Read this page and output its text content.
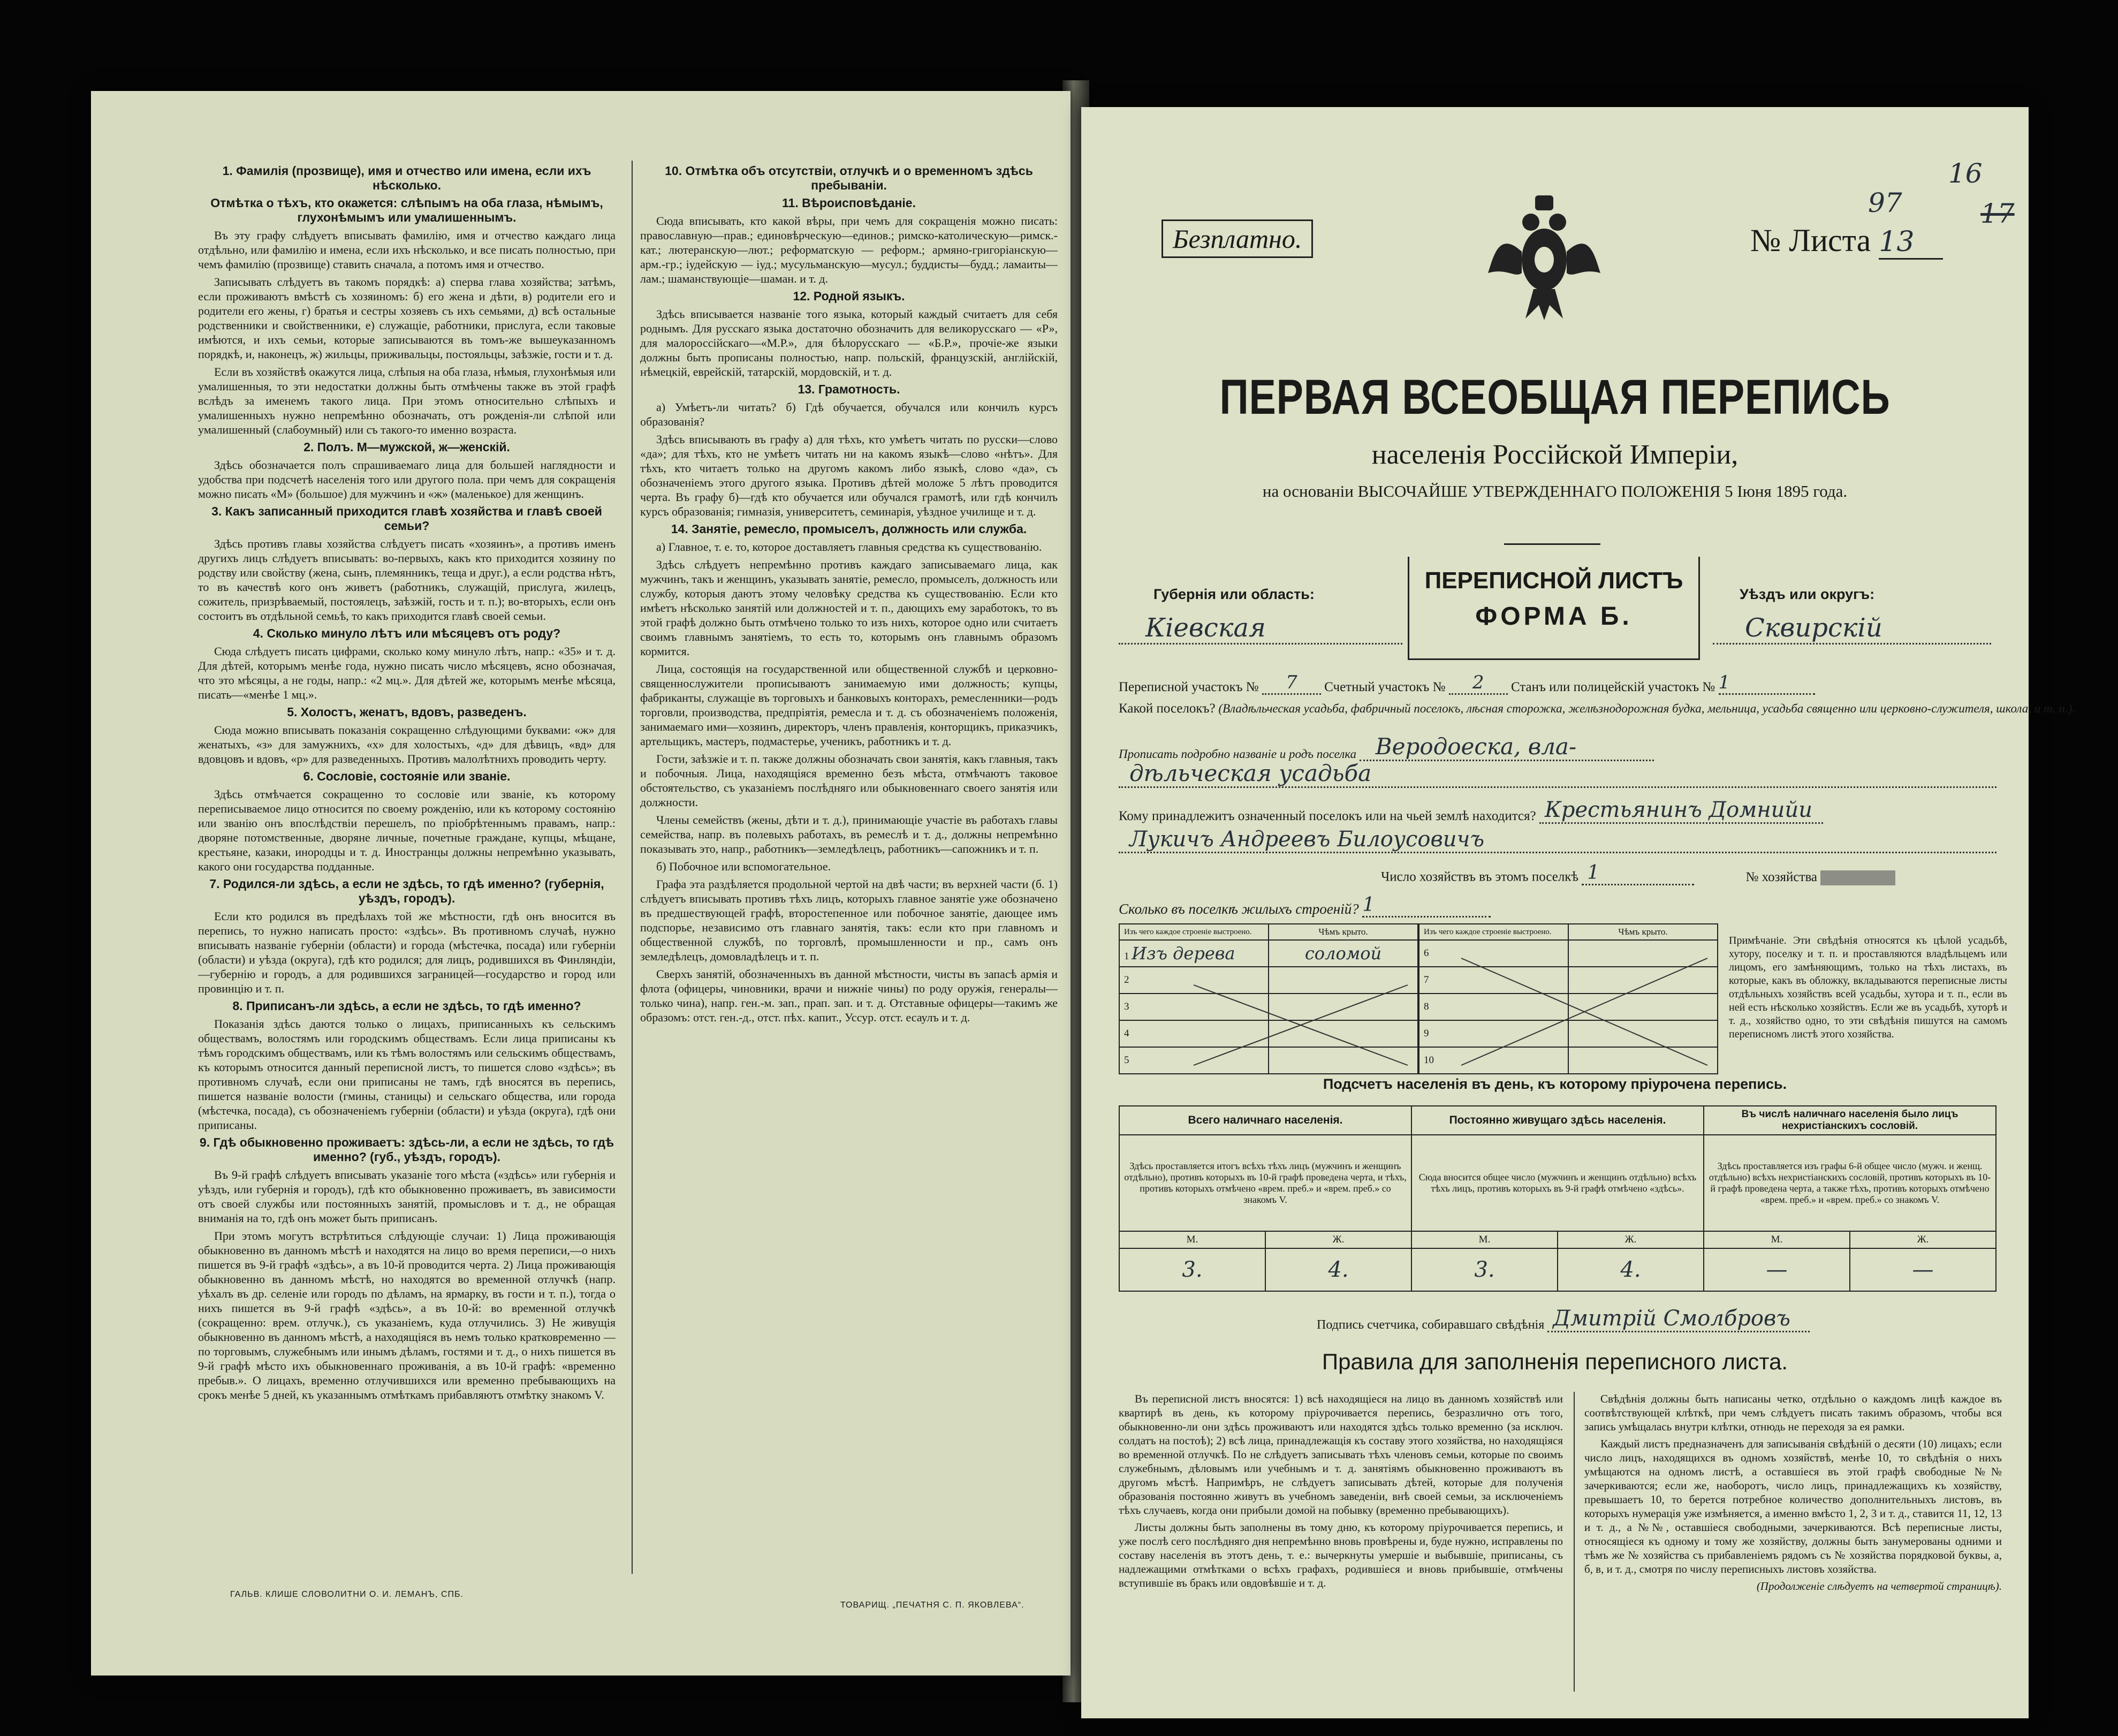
1. Фамилія (прозвище), имя и отчество или имена, если ихъ нѣсколько.
Отмѣтка о тѣхъ, кто окажется: слѣпымъ на оба глаза, нѣмымъ, глухонѣмымъ или умалишеннымъ.

Въ эту графу слѣдуетъ вписывать фамилію, имя и отчество каждаго лица отдѣльно, или фамилію и имена, если ихъ нѣсколько, и все писать полностью, при чемъ фамилію (прозвище) ставить сначала, а потомъ имя и отчество.

Записывать слѣдуетъ въ такомъ порядкѣ: а) сперва глава хозяйства; затѣмъ, если проживаютъ вмѣстѣ съ хозяиномъ: б) его жена и дѣти, в) родители его и родители его жены, г) братья и сестры хозяевъ съ ихъ семьями, д) всѣ остальные родственники и свойственники, е) служащіе, работники, прислуга, если таковые имѣются, и ихъ семьи, которые записываются въ томъ-же вышеуказанномъ порядкѣ, и, наконецъ, ж) жильцы, приживальцы, постояльцы, заѣзжіе, гости и т. д.

Если въ хозяйствѣ окажутся лица, слѣпыя на оба глаза, нѣмыя, глухонѣмыя или умалишенныя, то эти недостатки должны быть отмѣчены также въ этой графѣ вслѣдъ за именемъ такого лица. При этомъ относительно слѣпыхъ и умалишенныхъ нужно непремѣнно обозначать, отъ рожденія-ли слѣпой или умалишенный (слабоумный) или съ такого-то именно возраста.

2. Полъ. М—мужской, ж—женскій.

Здѣсь обозначается полъ спрашиваемаго лица для большей наглядности и удобства при подсчетѣ населенія того или другого пола. при чемъ для сокращенія можно писать «М» (большое) для мужчинъ и «ж» (маленькое) для женщинъ.

3. Какъ записанный приходится главѣ хозяйства и главѣ своей семьи?

Здѣсь противъ главы хозяйства слѣдуетъ писать «хозяинъ», а противъ именъ другихъ лицъ слѣдуетъ вписывать: во-первыхъ, какъ кто приходится хозяину по родству или свойству (жена, сынъ, племянникъ, теща и друг.), а если родства нѣтъ, то въ качествѣ кого онъ живетъ (работникъ, служащій, прислуга, жилецъ, сожитель, призрѣваемый, постоялецъ, заѣзжій, гость и т. п.); во-вторыхъ, если онъ состоитъ въ отдѣльной семьѣ, то какъ приходится главѣ своей семьи.

4. Сколько минуло лѣтъ или мѣсяцевъ отъ роду?

Сюда слѣдуетъ писать цифрами, сколько кому минуло лѣтъ, напр.: «35» и т. д. Для дѣтей, которымъ менѣе года, нужно писать число мѣсяцевъ, ясно обозначая, что это мѣсяцы, а не годы, напр.: «2 мц.». Для дѣтей же, которымъ менѣе мѣсяца, писать—«менѣе 1 мц.».

5. Холостъ, женатъ, вдовъ, разведенъ.

Сюда можно вписывать показанія сокращенно слѣдующими буквами: «ж» для женатыхъ, «з» для замужнихъ, «х» для холостыхъ, «д» для дѣвицъ, «вд» для вдовцовъ и вдовъ, «р» для разведенныхъ. Противъ малолѣтнихъ проводить черту.

6. Сословіе, состояніе или званіе.

Здѣсь отмѣчается сокращенно то сословіе или званіе, къ которому переписываемое лицо относится по своему рожденію, или къ которому состоянію или званію онъ впослѣдствіи перешелъ, по пріобрѣтеннымъ правамъ, напр.: дворяне потомственные, дворяне личные, почетные граждане, купцы, мѣщане, крестьяне, казаки, инородцы и т. д. Иностранцы должны непремѣнно указывать, какого они государства подданные.

7. Родился-ли здѣсь, а если не здѣсь, то гдѣ именно? (губернія, уѣздъ, городъ).

Если кто родился въ предѣлахъ той же мѣстности, гдѣ онъ вносится въ перепись, то нужно написать просто: «здѣсь». Въ противномъ случаѣ, нужно вписывать названіе губерніи (области) и города (мѣстечка, посада) или губерніи (области) и уѣзда (округа), гдѣ кто родился; для лицъ, родившихся въ Финляндіи,—губернію и городъ, а для родившихся заграницей—государство и город или провинцію и т. п.

8. Приписанъ-ли здѣсь, а если не здѣсь, то гдѣ именно?

Показанія здѣсь даются только о лицахъ, приписанныхъ къ сельскимъ обществамъ, волостямъ или городскимъ обществамъ. Если лица приписаны къ тѣмъ городскимъ обществамъ, или къ тѣмъ волостямъ или сельскимъ обществамъ, къ которымъ относится данный переписной листъ, то пишется слово «здѣсь»; въ противномъ случаѣ, если они приписаны не тамъ, гдѣ вносятся въ перепись, пишется названіе волости (гмины, станицы) и сельскаго общества, или города (мѣстечка, посада), съ обозначеніемъ губерніи (области) и уѣзда (округа), гдѣ они приписаны.

9. Гдѣ обыкновенно проживаетъ: здѣсь-ли, а если не здѣсь, то гдѣ именно? (губ., уѣздъ, городъ).

Въ 9-й графѣ слѣдуетъ вписывать указаніе того мѣста («здѣсь» или губернія и уѣздъ, или губернія и городъ), гдѣ кто обыкновенно проживаетъ, въ зависимости отъ своей службы или постоянныхъ занятій, промысловъ и т. д., не обращая вниманія на то, гдѣ онъ может быть приписанъ.

При этомъ могутъ встрѣтиться слѣдующіе случаи: 1) Лица проживающія обыкновенно въ данномъ мѣстѣ и находятся на лицо во время переписи,—о нихъ пишется въ 9-й графѣ «здѣсь», а въ 10-й проводится черта. 2) Лица проживающія обыкновенно въ данномъ мѣстѣ, но находятся во временной отлучкѣ (напр. уѣхалъ въ др. селеніе или городъ по дѣламъ, на ярмарку, въ гости и т. п.), тогда о нихъ пишется въ 9-й графѣ «здѣсь», а въ 10-й: во временной отлучкѣ (сокращенно: врем. отлучк.), съ указаніемъ, куда отлучились. 3) Не живущія обыкновенно въ данномъ мѣстѣ, а находящіяся въ немъ только кратковременно — по торговымъ, служебнымъ или инымъ дѣламъ, гостями и т. д., о нихъ пишется въ 9-й графѣ мѣсто ихъ обыкновеннаго проживанія, а въ 10-й графѣ: «временно пребыв.». О лицахъ, временно отлучившихся или временно пребывающихъ на срокъ менѣе 5 дней, къ указаннымъ отмѣткамъ прибавляютъ отмѣтку знакомъ V.

10. Отмѣтка объ отсутствіи, отлучкѣ и о временномъ здѣсь пребываніи.
11. Вѣроисповѣданіе.

Сюда вписывать, кто какой вѣры, при чемъ для сокращенія можно писать: православную—прав.; единовѣрческую—единов.; римско-католическую—римск.-кат.; лютеранскую—лют.; реформатскую — реформ.; армяно-григоріанскую—арм.-гр.; іудейскую — іуд.; мусульманскую—мусул.; буддисты—будд.; ламаиты—лам.; шаманствующіе—шаман. и т. д.

12. Родной языкъ.

Здѣсь вписывается названіе того языка, который каждый считаетъ для себя роднымъ. Для русскаго языка достаточно обозначить для великорусскаго — «Р», для малороссійскаго—«М.Р.», для бѣлорусскаго — «Б.Р.», прочіе-же языки должны быть прописаны полностью, напр. польскій, французскій, англійскій, нѣмецкій, еврейскій, татарскій, мордовскій, и т. д.

13. Грамотность.

а) Умѣетъ-ли читать? б) Гдѣ обучается, обучался или кончилъ курсъ образованія?

Здѣсь вписывають въ графу а) для тѣхъ, кто умѣетъ читать по русски—слово «да»; для тѣхъ, кто не умѣетъ читать ни на какомъ языкѣ—слово «нѣтъ». Для тѣхъ, кто читаетъ только на другомъ какомъ либо языкѣ, слово «да», съ обозначеніемъ этого другого языка. Противъ дѣтей моложе 5 лѣтъ проводится черта. Въ графу б)—гдѣ кто обучается или обучался грамотѣ, или гдѣ кончилъ курсъ образованія; гимназія, университетъ, семинарія, уѣздное училище и т. д.

14. Занятіе, ремесло, промыселъ, должность или служба.

а) Главное, т. е. то, которое доставляетъ главныя средства къ существованію.

Здѣсь слѣдуетъ непремѣнно противъ каждаго записываемаго лица, как мужчинъ, такъ и женщинъ, указывать занятіе, ремесло, промыселъ, должность или службу, которыя даютъ этому человѣку средства къ существованію. Если кто имѣетъ нѣсколько занятій или должностей и т. п., дающихъ ему заработокъ, то въ этой графѣ должно быть отмѣчено только то изъ нихъ, которое одно или считаетъ своимъ главнымъ занятіемъ, то есть то, которымъ онъ главнымъ образомъ кормится.

Лица, состоящія на государственной или общественной службѣ и церковно-священнослужители прописываютъ занимаемую ими должность; купцы, фабриканты, служащіе въ торговыхъ и банковыхъ конторахъ, ремесленники—родъ торговли, производства, предпріятія, ремесла и т. д. съ обозначеніемъ положенія, занимаемаго ими—хозяинъ, директоръ, членъ правленія, конторщикъ, приказчикъ, артельщикъ, мастеръ, подмастерье, ученикъ, работникъ и т. д.

Гости, заѣзжіе и т. п. также должны обозначать свои занятія, какъ главныя, такъ и побочныя. Лица, находящіяся временно безъ мѣста, отмѣчаютъ таковое обстоятельство, съ указаніемъ послѣдняго или обыкновеннаго своего занятія или должности.

Члены семействъ (жены, дѣти и т. д.), принимающіе участіе въ работахъ главы семейства, напр. въ полевыхъ работахъ, въ ремеслѣ и т. д., должны непремѣнно показывать это, напр., работникъ—земледѣлецъ, работникъ—сапожникъ и т. п.

б) Побочное или вспомогательное.

Графа эта раздѣляется продольной чертой на двѣ части; въ верхней части (б. 1) слѣдуетъ вписывать противъ тѣхъ лицъ, которыхъ главное занятіе уже обозначено въ предшествующей графѣ, второстепенное или побочное занятіе, дающее имъ подспорье, независимо отъ главнаго занятія, такъ: если кто при главномъ и общественной службѣ, по торговлѣ, промышленности и пр., самъ онъ земледѣлецъ, домовладѣлецъ и т. п.

Сверхъ занятій, обозначенныхъ въ данной мѣстности, чисты въ запасѣ армія и флота (офицеры, чиновники, врачи и нижніе чины) по роду оружія, генералы—только чина), напр. ген.-м. зап., прап. зап. и т. д. Отставные офицеры—такимъ же образомъ: отст. ген.-д., отст. пѣх. капит., Уссур. отст. есаулъ и т. д.

ГАЛЬВ. КЛИШЕ СЛОВОЛИТНИ О. И. ЛЕМАНЪ, СПБ.
ТОВАРИЩ. „ПЕЧАТНЯ С. П. ЯКОВЛЕВА“.
97
16
17
Безплатно.	№ Листа 13
ПЕРВАЯ ВСЕОБЩАЯ ПЕРЕПИСЬ
населенія Россійской Имперіи,
на основаніи ВЫСОЧАЙШЕ УТВЕРЖДЕННАГО ПОЛОЖЕНІЯ 5 Іюня 1895 года.
ПЕРЕПИСНОЙ ЛИСТЪ
ФОРМА Б.
Губернія или область:
Кіевская
Уѣздъ или округъ:
Сквирскій
Переписной участокъ № 7 Счетный участокъ № 2 Станъ или полицейскій участокъ № 1
Какой поселокъ? (Владѣльческая усадьба, фабричный поселокъ, лѣсная сторожка, желѣзнодорожная будка, мельница, усадьба священно или церковно-служителя, школа, и т. п.).
Прописать подробно названіе и родъ поселка Веродоеска, вла-
дѣльческая усадьба
Кому принадлежитъ означенный поселокъ или на чьей землѣ находится? Крестьянинъ Домнийи
Лукичъ Андреевъ Билоусовичъ
Число хозяйствъ въ этомъ поселкѣ 1	№ хозяйства
Сколько въ поселкѣ жилыхъ строеній? 1
Изъ чего каждое строеніе выстроено.	Чѣмъ крыто.
1 Изъ дерева	соломой
2	
3	
4	
5	
Изъ чего каждое строеніе выстроено.	Чѣмъ крыто.
6	
7	
8	
9	
10	
Примѣчаніе. Эти свѣдѣнія относятся къ цѣлой усадьбѣ, хутору, поселку и т. п. и проставляются владѣльцемъ или лицомъ, его замѣняющимъ, только на тѣхъ листахъ, въ которые, какъ въ обложку, вкладываются переписные листы отдѣльныхъ хозяйствъ всей усадьбы, хутора и т. п., если въ ней есть нѣсколько хозяйствъ. Если же въ усадьбѣ, хуторѣ и т. д., хозяйство одно, то эти свѣдѣнія пишутся на самомъ переписномъ листѣ этого хозяйства.
Подсчетъ населенія въ день, къ которому пріурочена перепись.
Всего наличнаго населенія.		Постоянно живущаго здѣсь населенія.		Въ числѣ наличнаго населенія было лицъ нехристіанскихъ сословій.	
Здѣсь проставляется итогъ всѣхъ тѣхъ лицъ (мужчинъ и женщинъ отдѣльно), противъ которыхъ въ 10-й графѣ проведена черта, и тѣхъ, противъ которыхъ отмѣчено «врем. преб.» и «врем. преб.» со знакомъ V.		Сюда вносится общее число (мужчинъ и женщинъ отдѣльно) всѣхъ тѣхъ лицъ, противъ которыхъ въ 9-й графѣ отмѣчено «здѣсь».		Здѣсь проставляется изъ графы 6-й общее число (мужч. и женщ. отдѣльно) всѣхъ нехристіанскихъ сословій, противъ которыхъ въ 10-й графѣ проведена черта, а также тѣхъ, противъ которыхъ отмѣчено «врем. преб.» и «врем. преб.» со знакомъ V.	
М.	Ж.	М.	Ж.	М.	Ж.
3.	4.	3.	4.	—	—
Подпись счетчика, собиравшаго свѣдѣнія Дмитрій Смолбровъ
Правила для заполненія переписного листа.

Въ переписной листъ вносятся: 1) всѣ находящіеся на лицо въ данномъ хозяйствѣ или квартирѣ въ день, къ которому пріурочивается перепись, безразлично отъ того, обыкновенно-ли они здѣсь проживаютъ или находятся здѣсь только временно (за исключ. солдатъ на постоѣ); 2) всѣ лица, принадлежащія къ составу этого хозяйства, но находящіяся во временной отлучкѣ. По не слѣдуетъ записывать тѣхъ членовъ семьи, которые по своимъ служебнымъ, дѣловымъ или учебнымъ и т. д. занятіямъ обыкновенно проживаютъ въ другомъ мѣстѣ. Напримѣръ, не слѣдуетъ записывать дѣтей, которые для полученія образованія постоянно живутъ въ учебномъ заведеніи, внѣ своей семьи, за исключеніемъ тѣхъ случаевъ, когда они прибыли домой на побывку (временно пребывающихъ).

Листы должны быть заполнены въ тому дню, къ которому пріурочивается перепись, и уже послѣ сего послѣдняго дня непремѣнно вновь провѣрены и, буде нужно, исправлены по составу населенія въ этотъ день, т. е.: вычеркнуты умершіе и выбывшіе, приписаны, съ надлежащими отмѣтками о всѣхъ графахъ, родившіеся и вновь прибывшіе, отмѣчены вступившіе въ бракъ или овдовѣвшіе и т. д.

Свѣдѣнія должны быть написаны четко, отдѣльно о каждомъ лицѣ каждое въ соотвѣтствующей клѣткѣ, при чемъ слѣдуетъ писать такимъ образомъ, чтобы вся запись умѣщалась внутри клѣтки, отнюдь не переходя за ея рамки.

Каждый листъ предназначенъ для записыванія свѣдѣній о десяти (10) лицахъ; если число лицъ, находящихся въ одномъ хозяйствѣ, менѣе 10, то свѣдѣнія о нихъ умѣщаются на одномъ листѣ, а оставшіеся въ этой графѣ свободные №№ зачеркиваются; если же, наоборотъ, число лицъ, принадлежащихъ къ хозяйству, превышаетъ 10, то берется потребное количество дополнительныхъ листовъ, въ которыхъ нумерація уже измѣняется, а именно вмѣсто 1, 2, 3 и т. д., ставится 11, 12, 13 и т. д., а №№, оставшіеся свободными, зачеркиваются. Всѣ переписные листы, относящіеся къ одному и тому же хозяйству, должны быть занумерованы одними и тѣмъ же № хозяйства съ прибавленіемъ рядомъ съ № хозяйства порядковой буквы, а, б, в, и т. д., смотря по числу переписныхъ листовъ хозяйства.

(Продолженіе слѣдуетъ на четвертой страницѣ).
